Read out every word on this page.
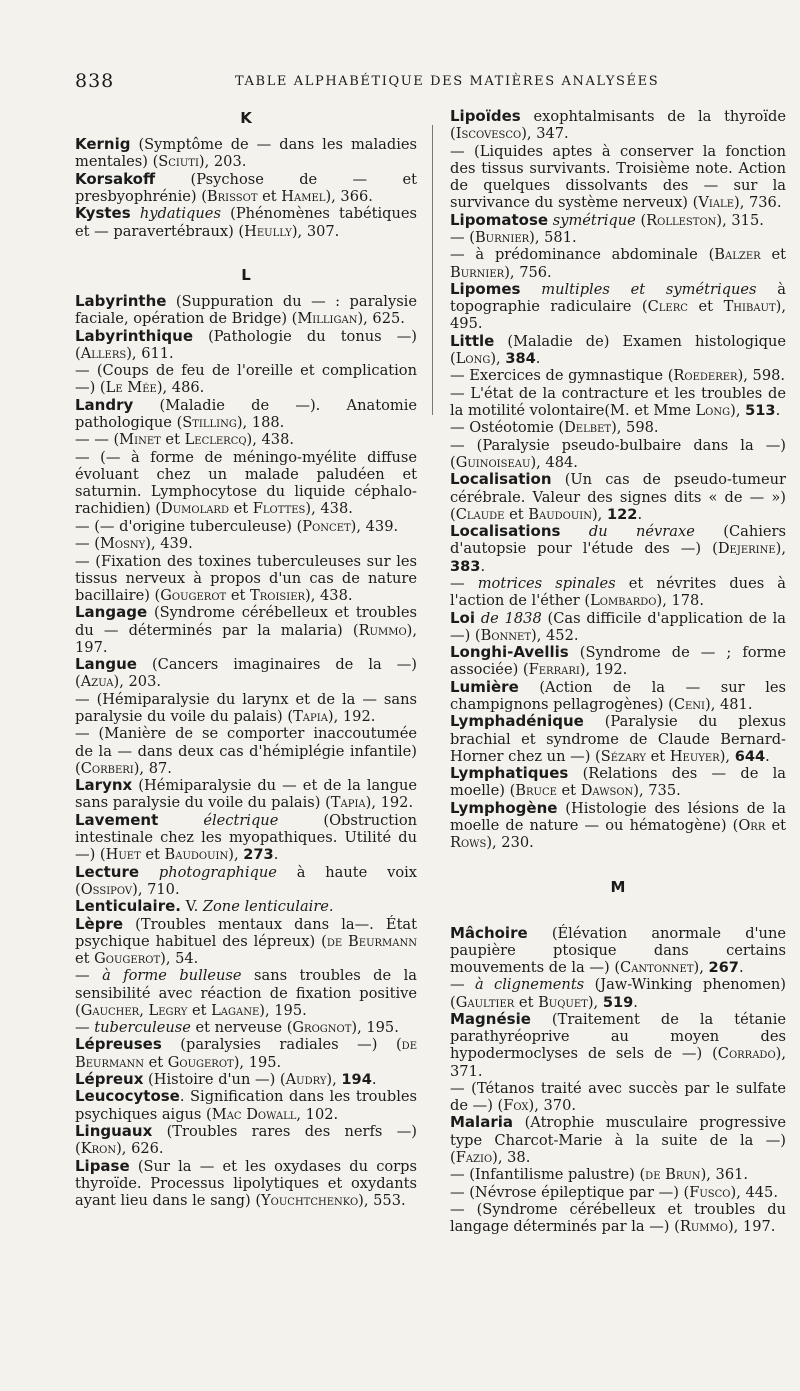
838	TABLE ALPHABÉTIQUE DES MATIÈRES ANALYSÉES
K

Kernig (Symptôme de — dans les maladies mentales) (Sciuti), 203.

Korsakoff (Psychose de — et presbyophrénie) (Brissot et Hamel), 366.

Kystes hydatiques (Phénomènes tabétiques et — paravertébraux) (Heully), 307.

L

Labyrinthe (Suppuration du — : paralysie faciale, opération de Bridge) (Milligan), 625.

Labyrinthique (Pathologie du tonus —) (Allers), 611.

— (Coups de feu de l'oreille et complication —) (Le Mée), 486.

Landry (Maladie de —). Anatomie pathologique (Stilling), 188.

— — (Minet et Leclercq), 438.

— (— à forme de méningo-myélite diffuse évoluant chez un malade paludéen et saturnin. Lymphocytose du liquide céphalo-rachidien) (Dumolard et Flottes), 438.

— (— d'origine tuberculeuse) (Poncet), 439.

— (Mosny), 439.

— (Fixation des toxines tuberculeuses sur les tissus nerveux à propos d'un cas de nature bacillaire) (Gougerot et Troisier), 438.

Langage (Syndrome cérébelleux et troubles du — déterminés par la malaria) (Rummo), 197.

Langue (Cancers imaginaires de la —) (Azua), 203.

— (Hémiparalysie du larynx et de la — sans paralysie du voile du palais) (Tapia), 192.

— (Manière de se comporter inaccoutumée de la — dans deux cas d'hémiplégie infantile) (Corberi), 87.

Larynx (Hémiparalysie du — et de la langue sans paralysie du voile du palais) (Tapia), 192.

Lavement électrique (Obstruction intestinale chez les myopathiques. Utilité du —) (Huet et Baudouin), 273.

Lecture photographique à haute voix (Ossipov), 710.

Lenticulaire. V. Zone lenticulaire.

Lèpre (Troubles mentaux dans la—. État psychique habituel des lépreux) (de Beurmann et Gougerot), 54.

— à forme bulleuse sans troubles de la sensibilité avec réaction de fixation positive (Gaucher, Legry et Lagane), 195.

— tuberculeuse et nerveuse (Grognot), 195.

Lépreuses (paralysies radiales —) (de Beurmann et Gougerot), 195.

Lépreux (Histoire d'un —) (Audry), 194.

Leucocytose. Signification dans les troubles psychiques aigus (Mac Dowall, 102.

Linguaux (Troubles rares des nerfs —) (Kron), 626.

Lipase (Sur la — et les oxydases du corps thyroïde. Processus lipolytiques et oxydants ayant lieu dans le sang) (Youchtchenko), 553.

Lipoïdes exophtalmisants de la thyroïde (Iscovesco), 347.

— (Liquides aptes à conserver la fonction des tissus survivants. Troisième note. Action de quelques dissolvants des — sur la survivance du système nerveux) (Viale), 736.

Lipomatose symétrique (Rolleston), 315.

— (Burnier), 581.

— à prédominance abdominale (Balzer et Burnier), 756.

Lipomes multiples et symétriques à topographie radiculaire (Clerc et Thibaut), 495.

Little (Maladie de) Examen histologique (Long), 384.

— Exercices de gymnastique (Roederer), 598.

— L'état de la contracture et les troubles de la motilité volontaire(M. et Mme Long), 513.

— Ostéotomie (Delbet), 598.

— (Paralysie pseudo-bulbaire dans la —) (Guinoiseau), 484.

Localisation (Un cas de pseudo-tumeur cérébrale. Valeur des signes dits « de — ») (Claude et Baudouin), 122.

Localisations du névraxe (Cahiers d'autopsie pour l'étude des —) (Dejerine), 383.

— motrices spinales et névrites dues à l'action de l'éther (Lombardo), 178.

Loi de 1838 (Cas difficile d'application de la —) (Bonnet), 452.

Longhi-Avellis (Syndrome de — ; forme associée) (Ferrari), 192.

Lumière (Action de la — sur les champignons pellagrogènes) (Ceni), 481.

Lymphadénique (Paralysie du plexus brachial et syndrome de Claude Bernard-Horner chez un —) (Sézary et Heuyer), 644.

Lymphatiques (Relations des — de la moelle) (Bruce et Dawson), 735.

Lymphogène (Histologie des lésions de la moelle de nature — ou hématogène) (Orr et Rows), 230.

M

Mâchoire (Élévation anormale d'une paupière ptosique dans certains mouvements de la —) (Cantonnet), 267.

— à clignements (Jaw-Winking phenomen) (Gaultier et Buquet), 519.

Magnésie (Traitement de la tétanie parathyréoprive au moyen des hypodermoclyses de sels de —) (Corrado), 371.

— (Tétanos traité avec succès par le sulfate de —) (Fox), 370.

Malaria (Atrophie musculaire progressive type Charcot-Marie à la suite de la —) (Fazio), 38.

— (Infantilisme palustre) (de Brun), 361.

— (Névrose épileptique par —) (Fusco), 445.

— (Syndrome cérébelleux et troubles du langage déterminés par la —) (Rummo), 197.
